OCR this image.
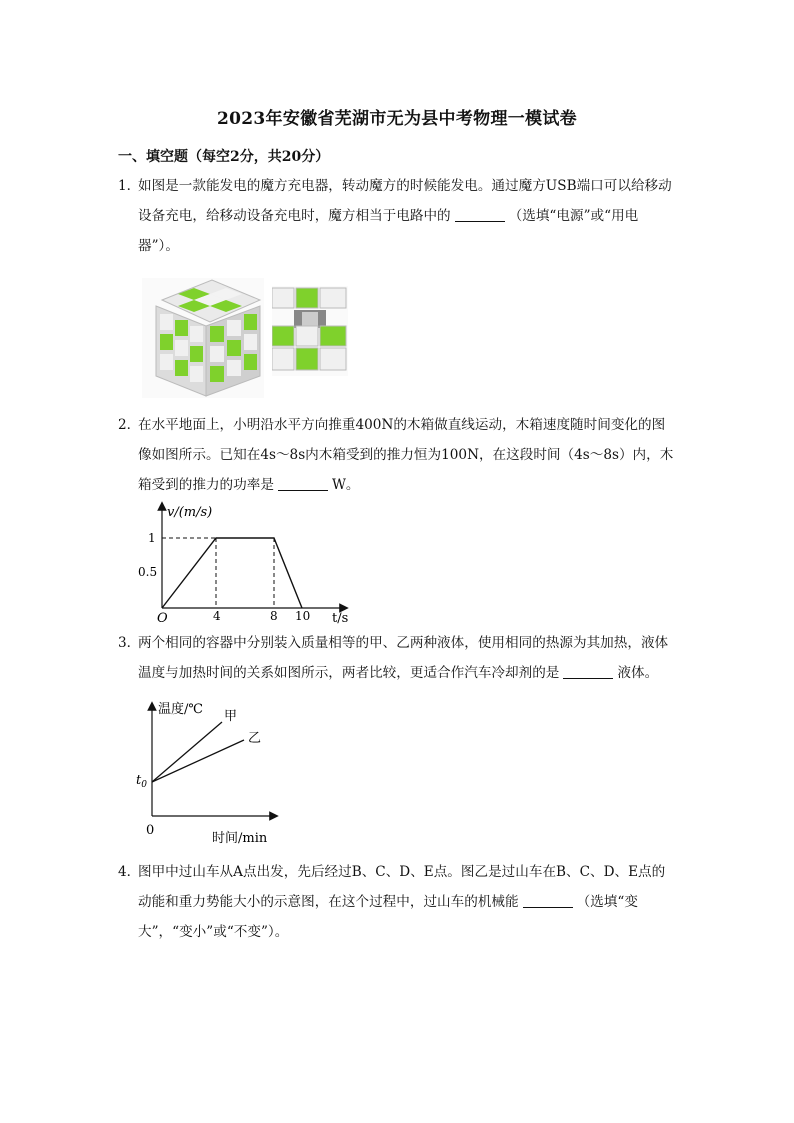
2023年安徽省芜湖市无为县中考物理一模试卷
一、填空题（每空2分，共20分）
1．
如图是一款能发电的魔方充电器，转动魔方的时候能发电。通过魔方USB端口可以给移动设备充电，给移动设备充电时，魔方相当于电路中的	（选填“电源”或“用电器”）。
2．
在水平地面上，小明沿水平方向推重400N的木箱做直线运动，木箱速度随时间变化的图像如图所示。已知在4s～8s内木箱受到的推力恒为100N，在这段时间（4s～8s）内，木箱受到的推力的功率是	W。
v/(m/s)
t/s
O	4	8 10
0.5
1
3．
两个相同的容器中分别装入质量相等的甲、乙两种液体，使用相同的热源为其加热，液体温度与加热时间的关系如图所示，两者比较，更适合作汽车冷却剂的是	液体。
温度/℃ 甲
乙
$t_0$
0
时间/min
4．
图甲中过山车从A点出发，先后经过B、C、D、E点。图乙是过山车在B、C、D、E点的动能和重力势能大小的示意图，在这个过程中，过山车的机械能	（选填“变大”，“变小”或“不变”）。
